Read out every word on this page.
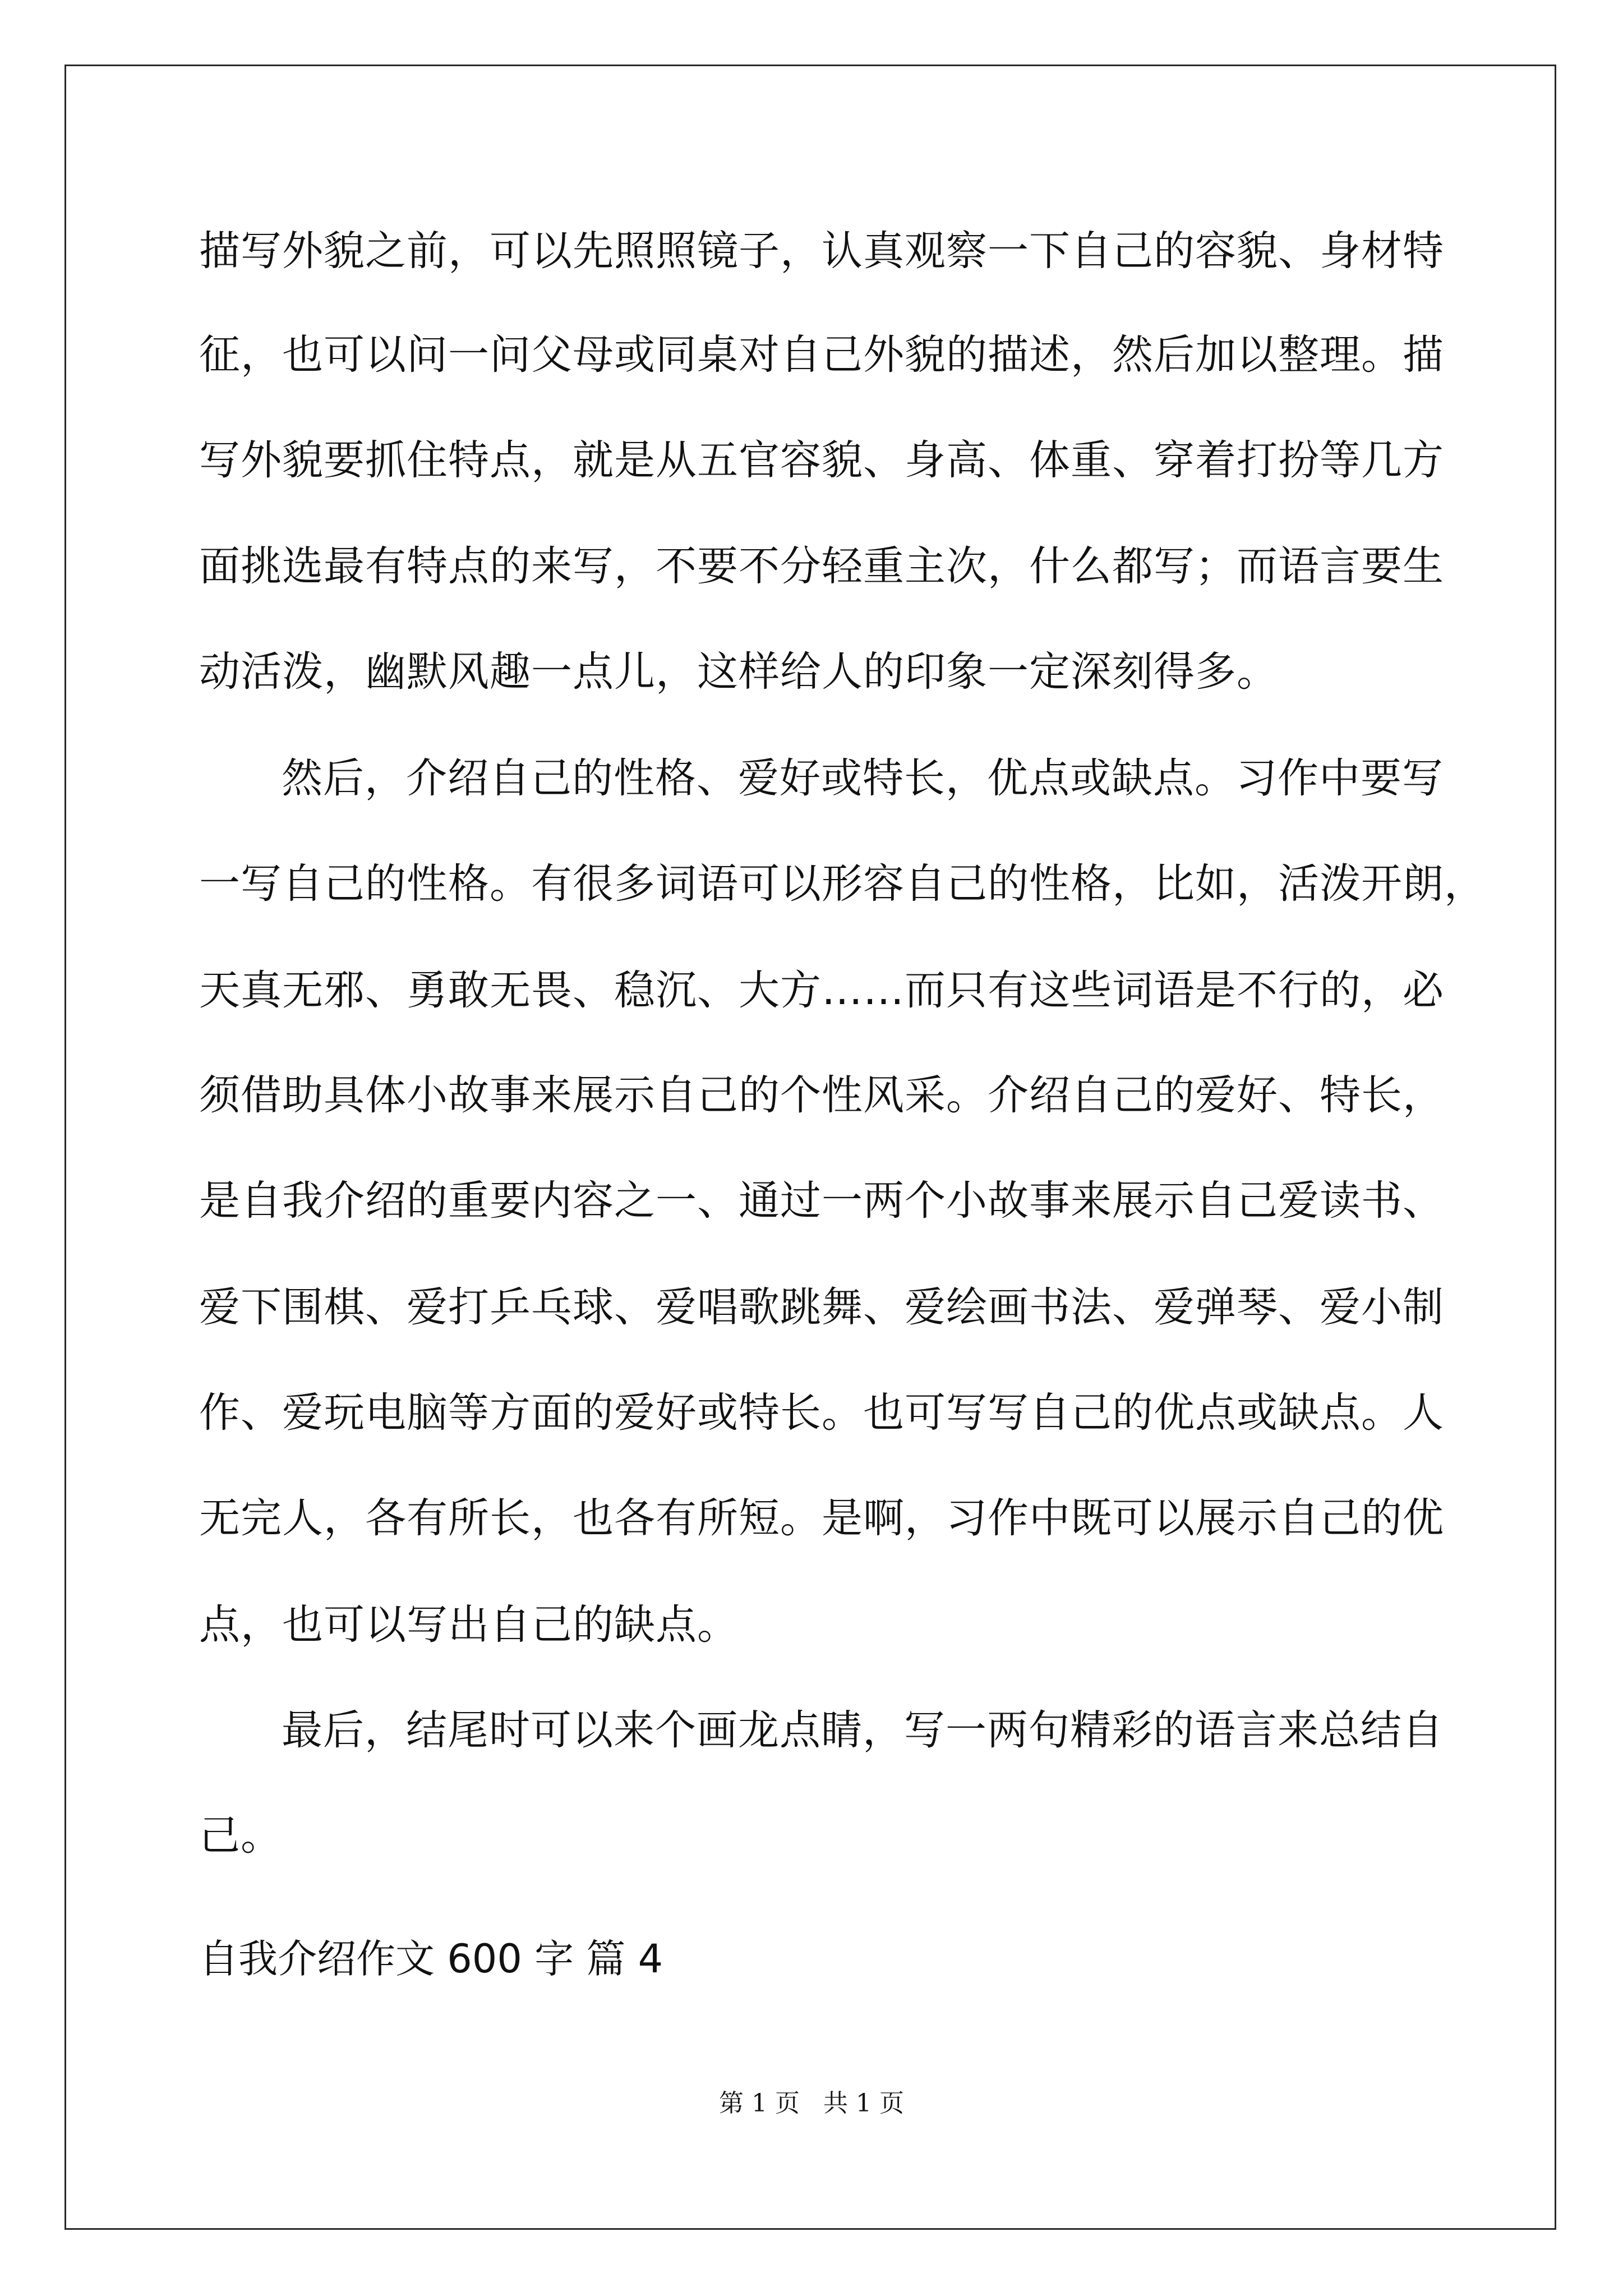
描写外貌之前，可以先照照镜子，认真观察一下自己的容貌、身材特

征，也可以问一问父母或同桌对自己外貌的描述，然后加以整理。描

写外貌要抓住特点，就是从五官容貌、身高、体重、穿着打扮等几方

面挑选最有特点的来写，不要不分轻重主次，什么都写；而语言要生

动活泼，幽默风趣一点儿，这样给人的印象一定深刻得多。

然后，介绍自己的性格、爱好或特长，优点或缺点。习作中要写

一写自己的性格。有很多词语可以形容自己的性格，比如，活泼开朗，

天真无邪、勇敢无畏、稳沉、大方……而只有这些词语是不行的，必

须借助具体小故事来展示自己的个性风采。介绍自己的爱好、特长，

是自我介绍的重要内容之一、通过一两个小故事来展示自己爱读书、

爱下围棋、爱打乒乓球、爱唱歌跳舞、爱绘画书法、爱弹琴、爱小制

作、爱玩电脑等方面的爱好或特长。也可写写自己的优点或缺点。人

无完人，各有所长，也各有所短。是啊，习作中既可以展示自己的优

点，也可以写出自己的缺点。

最后，结尾时可以来个画龙点睛，写一两句精彩的语言来总结自

己。

自我介绍作文 600 字 篇 4
第 1 页   共 1 页
